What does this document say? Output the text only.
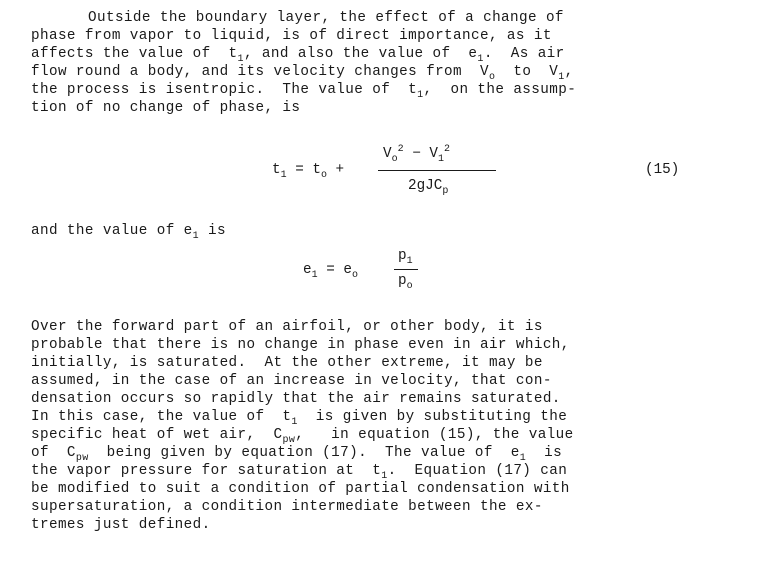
Outside the boundary layer, the effect of a change of
phase from vapor to liquid, is of direct importance, as it
affects the value of  $t_1$, and also the value of  $e_1$.  As air
flow round a body, and its velocity changes from  $V_o$  to  $V_1$,
the process is isentropic.  The value of  $t_1$,  on the assump-
tion of no change of phase, is
$t_1 = t_o$ +
$V_o^2 - V_1^2$
2gJC$_p$
(15)
and the value of $e_1$ is
$e_1 = e_o$
$p_1$
$p_o$
Over the forward part of an airfoil, or other body, it is
probable that there is no change in phase even in air which,
initially, is saturated.  At the other extreme, it may be
assumed, in the case of an increase in velocity, that con-
densation occurs so rapidly that the air remains saturated.
In this case, the value of  $t_1$  is given by substituting the
specific heat of wet air,  $C_{pw}$,   in equation (15), the value
of  $C_{pw}$  being given by equation (17).  The value of  $e_1$  is
the vapor pressure for saturation at  $t_1$.  Equation (17) can
be modified to suit a condition of partial condensation with
supersaturation, a condition intermediate between the ex-
tremes just defined.
